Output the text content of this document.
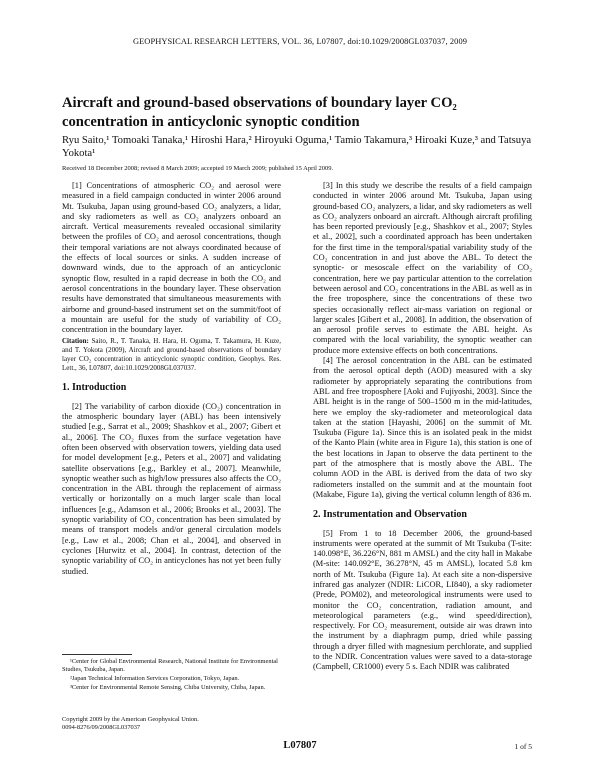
GEOPHYSICAL RESEARCH LETTERS, VOL. 36, L07807, doi:10.1029/2008GL037037, 2009
Aircraft and ground-based observations of boundary layer CO₂ concentration in anticyclonic synoptic condition
Ryu Saito,¹ Tomoaki Tanaka,¹ Hiroshi Hara,² Hiroyuki Oguma,¹ Tamio Takamura,³ Hiroaki Kuze,³ and Tatsuya Yokota¹
Received 18 December 2008; revised 8 March 2009; accepted 19 March 2009; published 15 April 2009.

[1] Concentrations of atmospheric CO₂ and aerosol were measured in a field campaign conducted in winter 2006 around Mt. Tsukuba, Japan using ground-based CO₂ analyzers, a lidar, and sky radiometers as well as CO₂ analyzers onboard an aircraft. Vertical measurements revealed occasional similarity between the profiles of CO₂ and aerosol concentrations, though their temporal variations are not always coordinated because of the effects of local sources or sinks. A sudden increase of downward winds, due to the approach of an anticyclonic synoptic flow, resulted in a rapid decrease in both the CO₂ and aerosol concentrations in the boundary layer. These observation results have demonstrated that simultaneous measurements with airborne and ground-based instrument set on the summit/foot of a mountain are useful for the study of variability of CO₂ concentration in the boundary layer.

Citation: Saito, R., T. Tanaka, H. Hara, H. Oguma, T. Takamura, H. Kuze, and T. Yokota (2009), Aircraft and ground-based observations of boundary layer CO₂ concentration in anticyclonic synoptic condition, Geophys. Res. Lett., 36, L07807, doi:10.1029/2008GL037037.
1. Introduction

[2] The variability of carbon dioxide (CO₂) concentration in the atmospheric boundary layer (ABL) has been intensively studied [e.g., Sarrat et al., 2009; Shashkov et al., 2007; Gibert et al., 2006]. The CO₂ fluxes from the surface vegetation have often been observed with observation towers, yielding data used for model development [e.g., Peters et al., 2007] and validating satellite observations [e.g., Barkley et al., 2007]. Meanwhile, synoptic weather such as high/low pressures also affects the CO₂ concentration in the ABL through the replacement of airmass vertically or horizontally on a much larger scale than local influences [e.g., Adamson et al., 2006; Brooks et al., 2003]. The synoptic variability of CO₂ concentration has been simulated by means of transport models and/or general circulation models [e.g., Law et al., 2008; Chan et al., 2004], and observed in cyclones [Hurwitz et al., 2004]. In contrast, detection of the synoptic variability of CO₂ in anticyclones has not yet been fully studied.

[3] In this study we describe the results of a field campaign conducted in winter 2006 around Mt. Tsukuba, Japan using ground-based CO₂ analyzers, a lidar, and sky radiometers as well as CO₂ analyzers onboard an aircraft. Although aircraft profiling has been reported previously [e.g., Shashkov et al., 2007; Styles et al., 2002], such a coordinated approach has been undertaken for the first time in the temporal/spatial variability study of the CO₂ concentration in and just above the ABL. To detect the synoptic- or mesoscale effect on the variability of CO₂ concentration, here we pay particular attention to the correlation between aerosol and CO₂ concentrations in the ABL as well as in the free troposphere, since the concentrations of these two species occasionally reflect air-mass variation on regional or larger scales [Gibert et al., 2008]. In addition, the observation of an aerosol profile serves to estimate the ABL height. As compared with the local variability, the synoptic weather can produce more extensive effects on both concentrations.

[4] The aerosol concentration in the ABL can be estimated from the aerosol optical depth (AOD) measured with a sky radiometer by appropriately separating the contributions from ABL and free troposphere [Aoki and Fujiyoshi, 2003]. Since the ABL height is in the range of 500–1500 m in the mid-latitudes, here we employ the sky-radiometer and meteorological data taken at the station [Hayashi, 2006] on the summit of Mt. Tsukuba (Figure 1a). Since this is an isolated peak in the midst of the Kanto Plain (white area in Figure 1a), this station is one of the best locations in Japan to observe the data pertinent to the part of the atmosphere that is mostly above the ABL. The column AOD in the ABL is derived from the data of two sky radiometers installed on the summit and at the mountain foot (Makabe, Figure 1a), giving the vertical column length of 836 m.

2. Instrumentation and Observation

[5] From 1 to 18 December 2006, the ground-based instruments were operated at the summit of Mt Tsukuba (T-site: 140.098°E, 36.226°N, 881 m AMSL) and the city hall in Makabe (M-site: 140.092°E, 36.278°N, 45 m AMSL), located 5.8 km north of Mt. Tsukuba (Figure 1a). At each site a non-dispersive infrared gas analyzer (NDIR: LiCOR, LI840), a sky radiometer (Prede, POM02), and meteorological instruments were used to monitor the CO₂ concentration, radiation amount, and meteorological parameters (e.g., wind speed/direction), respectively. For CO₂ measurement, outside air was drawn into the instrument by a diaphragm pump, dried while passing through a dryer filled with magnesium perchlorate, and supplied to the NDIR. Concentration values were saved to a data-storage (Campbell, CR1000) every 5 s. Each NDIR was calibrated

¹Center for Global Environmental Research, National Institute for Environmental Studies, Tsukuba, Japan.
²Japan Technical Information Services Corporation, Tokyo, Japan.
³Center for Environmental Remote Sensing, Chiba University, Chiba, Japan.
Copyright 2009 by the American Geophysical Union.
0094-8276/09/2008GL037037
L07807	1 of 5
